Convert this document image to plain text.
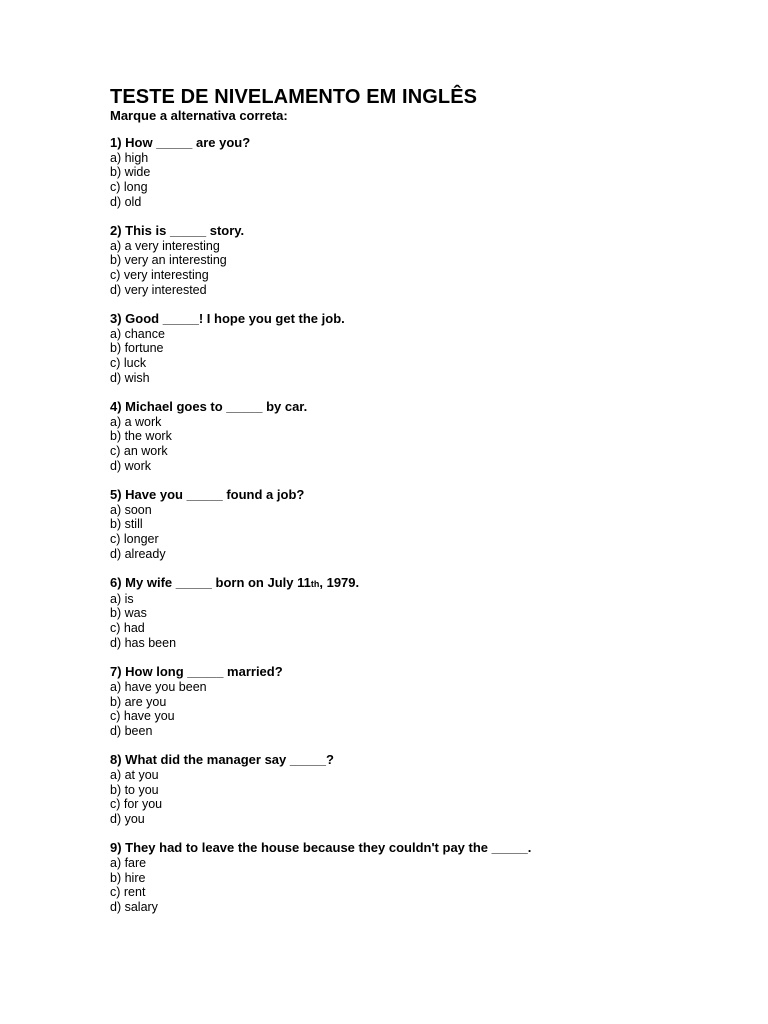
TESTE DE NIVELAMENTO EM INGLÊS

Marque a alternativa correta:

1) How _____ are you?

a) high

b) wide

c) long

d) old

2) This is _____ story.

a) a very interesting

b) very an interesting

c) very interesting

d) very interested

3) Good _____! I hope you get the job.

a) chance

b) fortune

c) luck

d) wish

4) Michael goes to _____ by car.

a) a work

b) the work

c) an work

d) work

5) Have you _____ found a job?

a) soon

b) still

c) longer

d) already

6) My wife _____ born on July 11th, 1979.

a) is

b) was

c) had

d) has been

7) How long _____ married?

a) have you been

b) are you

c) have you

d) been

8) What did the manager say _____?

a) at you

b) to you

c) for you

d) you

9) They had to leave the house because they couldn't pay the _____.

a) fare

b) hire

c) rent

d) salary
